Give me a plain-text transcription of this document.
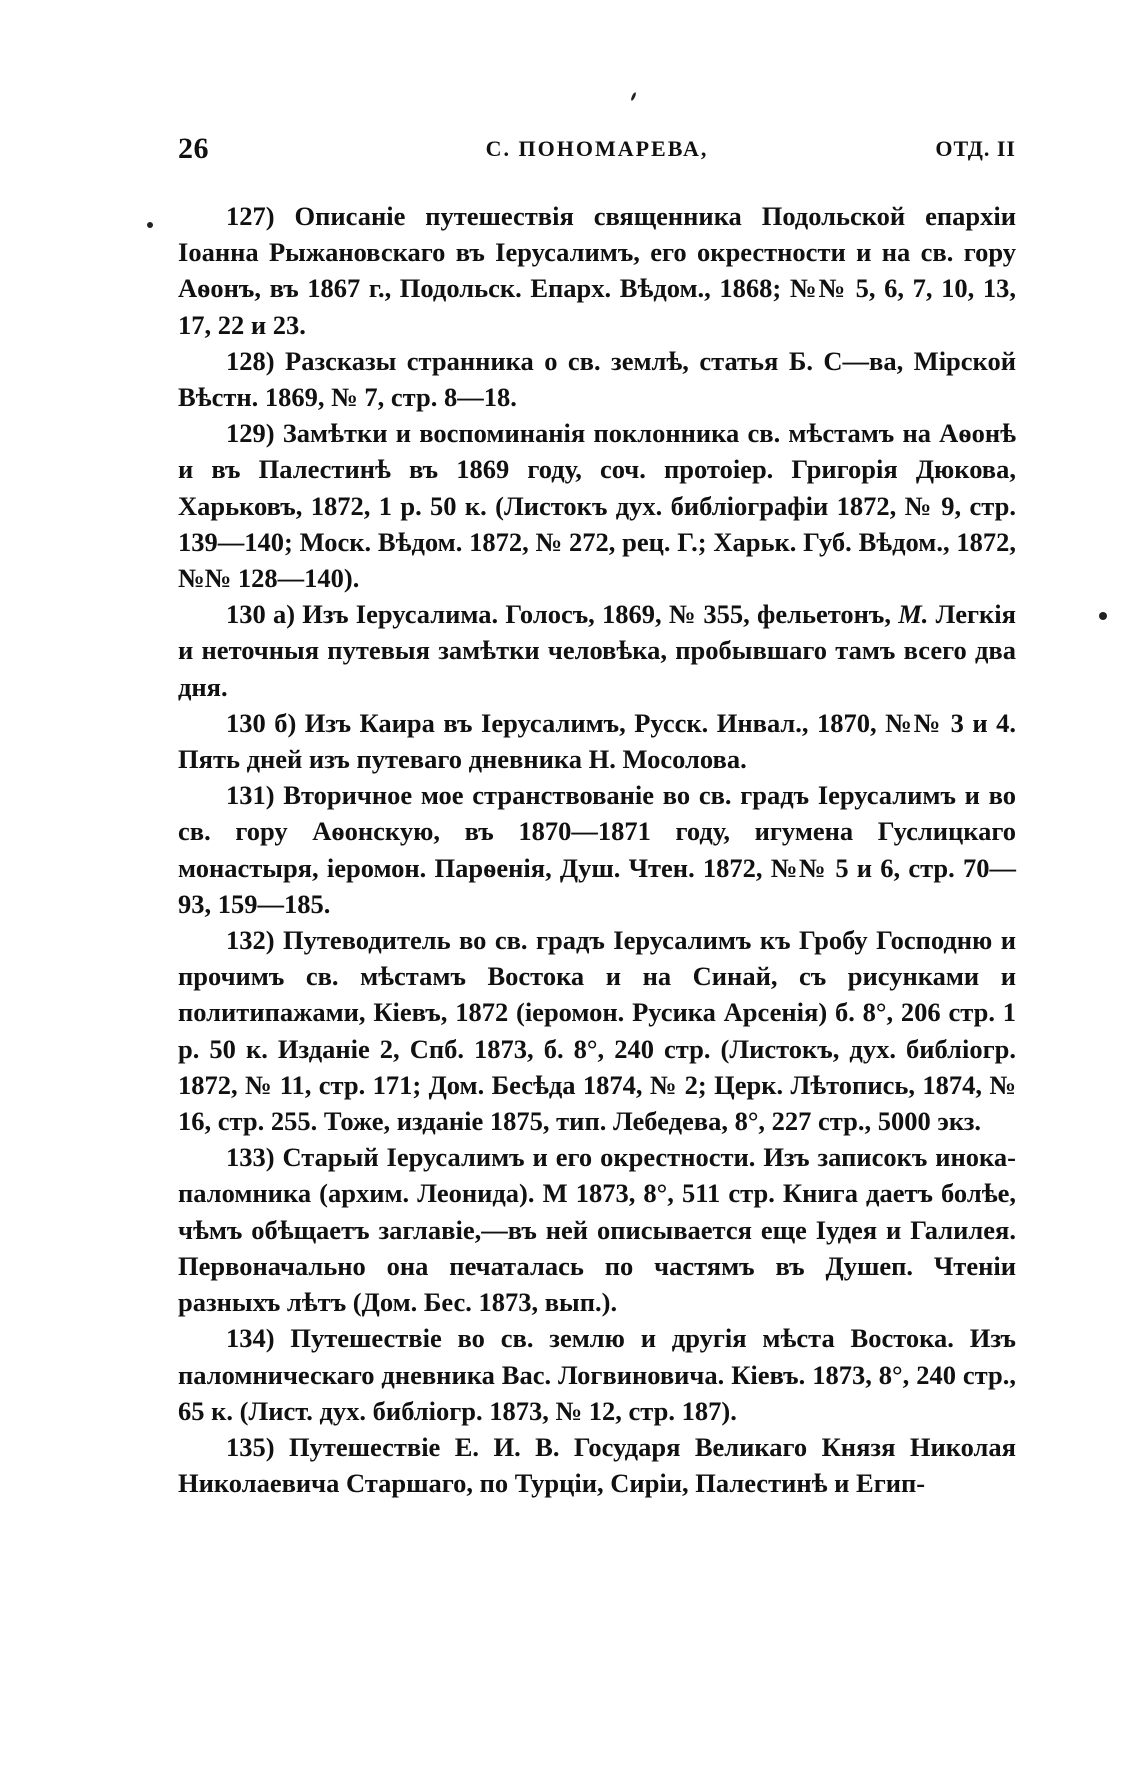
26	С. ПОНОМАРЕВА,	ОТД. II

127) Описаніе путешествія священника Подольской епархіи Іоанна Рыжановскаго въ Іерусалимъ, его окрестности и на св. гору Аѳонъ, въ 1867 г., Подольск. Епарх. Вѣдом., 1868; №№ 5, 6, 7, 10, 13, 17, 22 и 23.

128) Разсказы странника о св. землѣ, статья Б. С—ва, Мірской Вѣстн. 1869, № 7, стр. 8—18.

129) Замѣтки и воспоминанія поклонника св. мѣстамъ на Аѳонѣ и въ Палестинѣ въ 1869 году, соч. протоіер. Григорія Дюкова, Харьковъ, 1872, 1 р. 50 к. (Листокъ дух. библіографіи 1872, № 9, стр. 139—140; Моск. Вѣдом. 1872, № 272, рец. Г.; Харьк. Губ. Вѣдом., 1872, №№ 128—140).

130 а) Изъ Іерусалима. Голосъ, 1869, № 355, фельетонъ, М. Легкія и неточныя путевыя замѣтки человѣка, пробывшаго тамъ всего два дня.

130 б) Изъ Каира въ Іерусалимъ, Русск. Инвал., 1870, №№ 3 и 4. Пять дней изъ путеваго дневника Н. Мосолова.

131) Вторичное мое странствованіе во св. градъ Іерусалимъ и во св. гору Аѳонскую, въ 1870—1871 году, игумена Гуслицкаго монастыря, іеромон. Парѳенія, Душ. Чтен. 1872, №№ 5 и 6, стр. 70—93, 159—185.

132) Путеводитель во св. градъ Іерусалимъ къ Гробу Господню и прочимъ св. мѣстамъ Востока и на Синай, съ рисунками и политипажами, Кіевъ, 1872 (іеромон. Русика Арсенія) б. 8°, 206 стр. 1 р. 50 к. Изданіе 2, Спб. 1873, б. 8°, 240 стр. (Листокъ, дух. библіогр. 1872, № 11, стр. 171; Дом. Бесѣда 1874, № 2; Церк. Лѣтопись, 1874, № 16, стр. 255. Тоже, изданіе 1875, тип. Лебедева, 8°, 227 стр., 5000 экз.

133) Старый Іерусалимъ и его окрестности. Изъ записокъ инока-паломника (архим. Леонида). М 1873, 8°, 511 стр. Книга даетъ болѣе, чѣмъ обѣщаетъ заглавіе,—въ ней описывается еще Іудея и Галилея. Первоначально она печаталась по частямъ въ Душеп. Чтеніи разныхъ лѣтъ (Дом. Бес. 1873, вып.).

134) Путешествіе во св. землю и другія мѣста Востока. Изъ паломническаго дневника Вас. Логвиновича. Кіевъ. 1873, 8°, 240 стр., 65 к. (Лист. дух. библіогр. 1873, № 12, стр. 187).

135) Путешествіе Е. И. В. Государя Великаго Князя Николая Николаевича Старшаго, по Турціи, Сиріи, Палестинѣ и Егип‐
